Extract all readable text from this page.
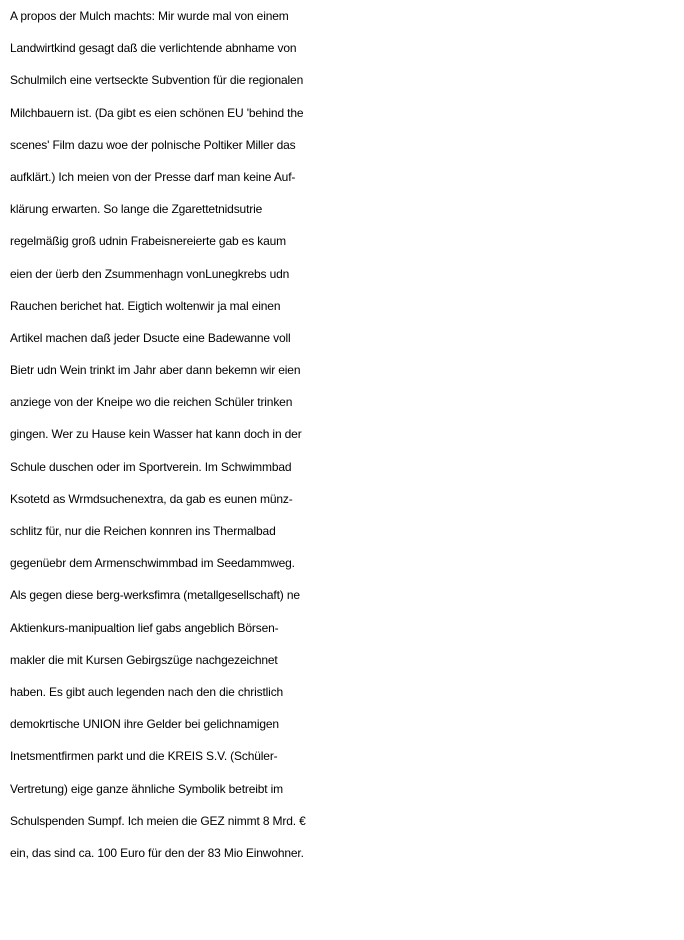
A propos der Mulch machts: Mir wurde mal von einem

Landwirtkind gesagt daß die verlichtende abnhame von

Schulmilch eine vertseckte Subvention für die regionalen

Milchbauern ist. (Da gibt es eien schönen EU 'behind the

scenes' Film dazu woe der polnische Poltiker Miller das

aufklärt.) Ich meien von der Presse darf man keine Auf-

klärung erwarten. So lange die Zgarettetnidsutrie

regelmäßig groß udnin Frabeisnereierte gab es kaum

eien der üerb den Zsummenhagn vonLunegkrebs udn

Rauchen berichet hat. Eigtich woltenwir ja mal einen

Artikel machen daß jeder Dsucte eine Badewanne voll

Bietr udn Wein trinkt im Jahr aber dann bekemn wir eien

anziege von der Kneipe wo die reichen Schüler trinken

gingen. Wer zu Hause kein Wasser hat kann doch in der

Schule duschen oder im Sportverein. Im Schwimmbad

Ksotetd as Wrmdsuchenextra, da gab es eunen münz-

schlitz für, nur die Reichen konnren ins Thermalbad

gegenüebr dem Armenschwimmbad im Seedammweg.

Als gegen diese berg-werksfimra (metallgesellschaft) ne

Aktienkurs-manipualtion lief gabs angeblich Börsen-

makler die mit Kursen Gebirgszüge nachgezeichnet

haben. Es gibt auch legenden nach den die christlich

demokrtische UNION ihre Gelder bei gelichnamigen

Inetsmentfirmen parkt und die KREIS S.V. (Schüler-

Vertretung) eige ganze ähnliche Symbolik betreibt im

Schulspenden Sumpf. Ich meien die GEZ nimmt 8 Mrd. €

ein, das sind ca. 100 Euro für den der 83 Mio Einwohner.
